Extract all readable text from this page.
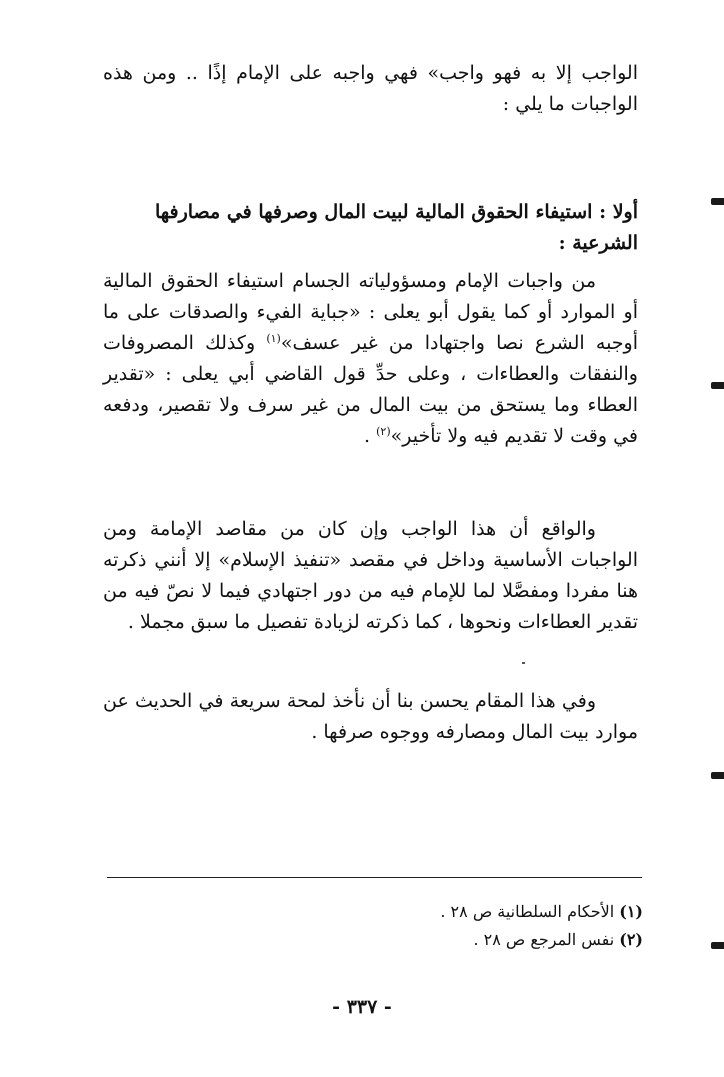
الواجب إلا به فهو واجب» فهي واجبه على الإمام إذًا .. ومن هذه الواجبات ما يلي :

أولا : استيفاء الحقوق المالية لبيت المال وصرفها في مصارفها الشرعية :

من واجبات الإمام ومسؤولياته الجسام استيفاء الحقوق المالية أو الموارد أو كما يقول أبو يعلى : «جباية الفيء والصدقات على ما أوجبه الشرع نصا واجتهادا من غير عسف»$^{(١)}$ وكذلك المصروفات والنفقات والعطاءات ، وعلى حدِّ قول القاضي أبي يعلى : «تقدير العطاء وما يستحق من بيت المال من غير سرف ولا تقصير، ودفعه في وقت لا تقديم فيه ولا تأخير»$^{(٢)}$ .

والواقع أن هذا الواجب وإن كان من مقاصد الإمامة ومن الواجبات الأساسية وداخل في مقصد «تنفيذ الإسلام» إلا أنني ذكرته هنا مفردا ومفصَّلا لما للإمام فيه من دور اجتهادي فيما لا نصّ فيه من تقدير العطاءات ونحوها ، كما ذكرته لزيادة تفصيل ما سبق مجملا .

وفي هذا المقام يحسن بنا أن نأخذ لمحة سريعة في الحديث عن موارد بيت المال ومصارفه ووجوه صرفها .

(١) الأحكام السلطانية ص ٢٨ .

(٢) نفس المرجع ص ٢٨ .

- ٣٣٧ -
